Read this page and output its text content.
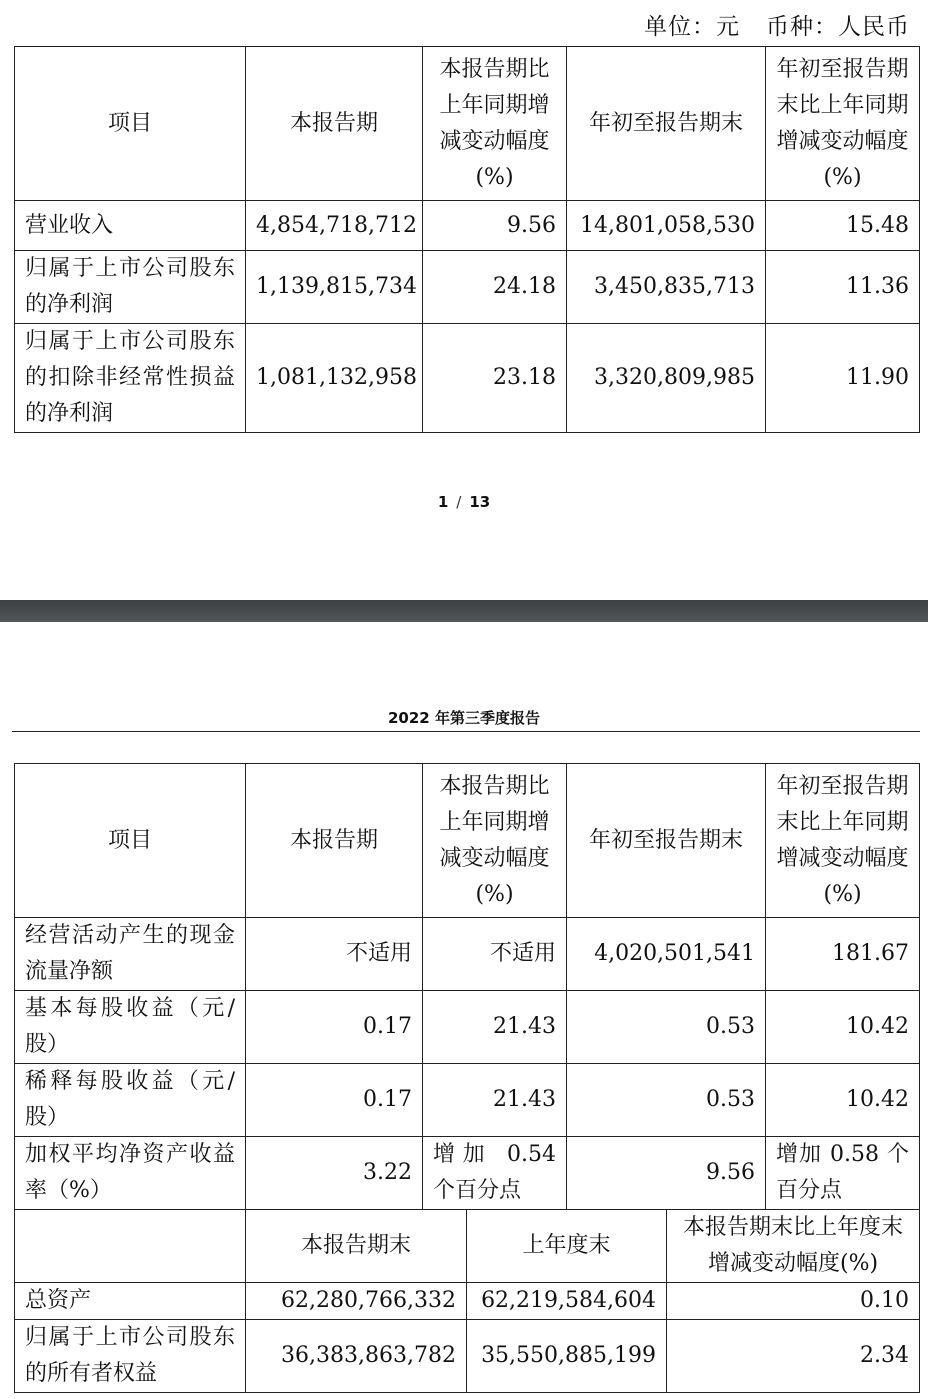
单位：元 币种：人民币
项目	本报告期	本报告期比上年同期增减变动幅度(%)	年初至报告期末	年初至报告期末比上年同期增减变动幅度(%)
营业收入	4,854,718,712	9.56	14,801,058,530	15.48
归属于上市公司股东的净利润	1,139,815,734	24.18	3,450,835,713	11.36
归属于上市公司股东的扣除非经常性损益的净利润	1,081,132,958	23.18	3,320,809,985	11.90
1 / 13
2022 年第三季度报告
项目	本报告期	本报告期比上年同期增减变动幅度(%)		年初至报告期末		年初至报告期末比上年同期增减变动幅度(%)
经营活动产生的现金流量净额	不适用	不适用		4,020,501,541		181.67
基本每股收益（元/股）	0.17	21.43		0.53		10.42
稀释每股收益（元/股）	0.17	21.43		0.53		10.42
加权平均净资产收益率（%）	3.22	增加 0.54 个百分点		9.56		增加 0.58 个百分点
	本报告期末		上年度末		本报告期末比上年度末增减变动幅度(%)	
总资产	62,280,766,332		62,219,584,604		0.10	
归属于上市公司股东的所有者权益	36,383,863,782		35,550,885,199		2.34	
